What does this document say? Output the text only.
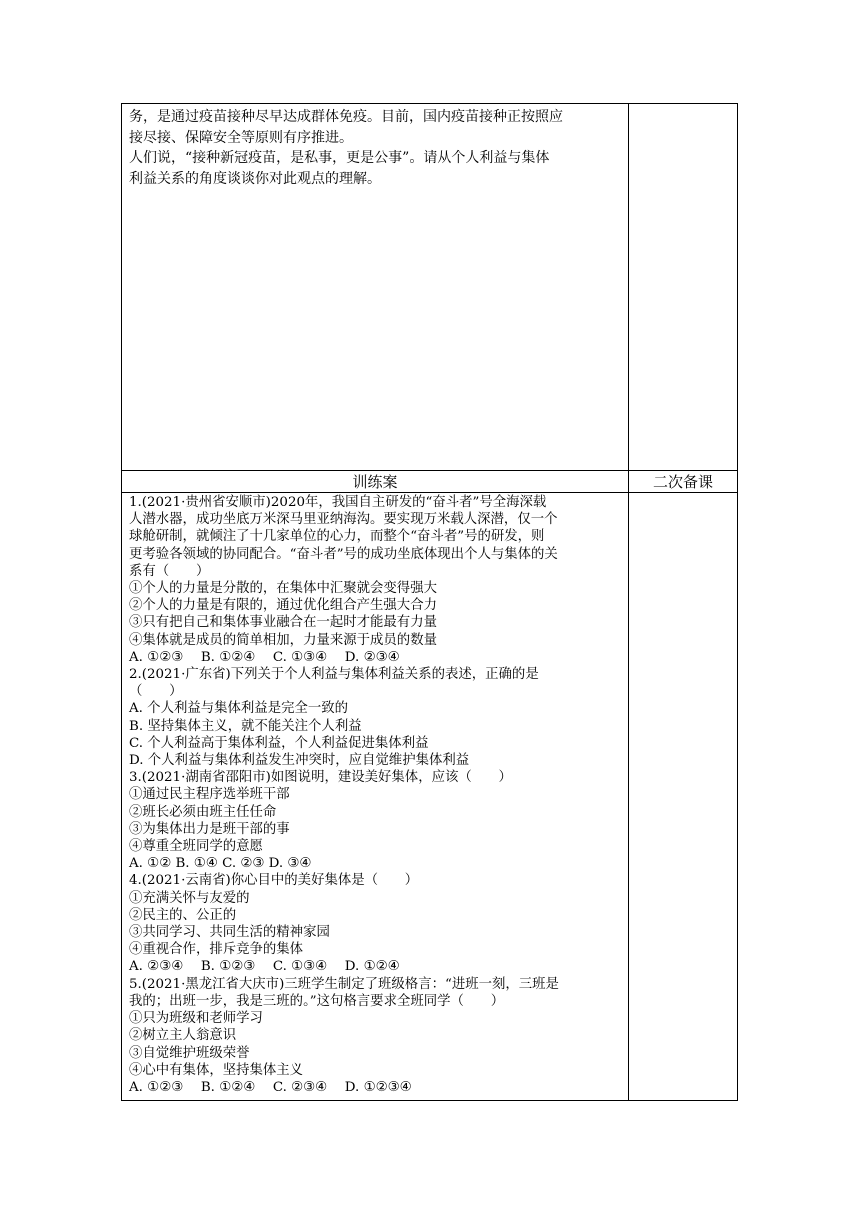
务，是通过疫苗接种尽早达成群体免疫。目前，国内疫苗接种正按照应

接尽接、保障安全等原则有序推进。

人们说，“接种新冠疫苗，是私事，更是公事”。请从个人利益与集体

利益关系的角度谈谈你对此观点的理解。

训练案	二次备课

1.(2021·贵州省安顺市)2020年，我国自主研发的“奋斗者”号全海深载

人潜水器，成功坐底万米深马里亚纳海沟。要实现万米载人深潜，仅一个

球舱研制，就倾注了十几家单位的心力，而整个“奋斗者”号的研发，则

更考验各领域的协同配合。“奋斗者”号的成功坐底体现出个人与集体的关

系有（　　）

①个人的力量是分散的，在集体中汇聚就会变得强大

②个人的力量是有限的，通过优化组合产生强大合力

③只有把自己和集体事业融合在一起时才能最有力量

④集体就是成员的简单相加，力量来源于成员的数量

A. ①②③　 B. ①②④　 C. ①③④　 D. ②③④

2.(2021·广东省)下列关于个人利益与集体利益关系的表述，正确的是

（　　）

A. 个人利益与集体利益是完全一致的

B. 坚持集体主义，就不能关注个人利益

C. 个人利益高于集体利益，个人利益促进集体利益

D. 个人利益与集体利益发生冲突时，应自觉维护集体利益

3.(2021·湖南省邵阳市)如图说明，建设美好集体，应该（　　）

①通过民主程序选举班干部

②班长必须由班主任任命

③为集体出力是班干部的事

④尊重全班同学的意愿

A. ①② B. ①④ C. ②③ D. ③④

4.(2021·云南省)你心目中的美好集体是（　　）

①充满关怀与友爱的

②民主的、公正的

③共同学习、共同生活的精神家园

④重视合作，排斥竞争的集体

A. ②③④　 B. ①②③　 C. ①③④　 D. ①②④

5.(2021·黑龙江省大庆市)三班学生制定了班级格言：“进班一刻，三班是

我的；出班一步，我是三班的。”这句格言要求全班同学（　　）

①只为班级和老师学习

②树立主人翁意识

③自觉维护班级荣誉

④心中有集体，坚持集体主义

A. ①②③　 B. ①②④　 C. ②③④　 D. ①②③④
